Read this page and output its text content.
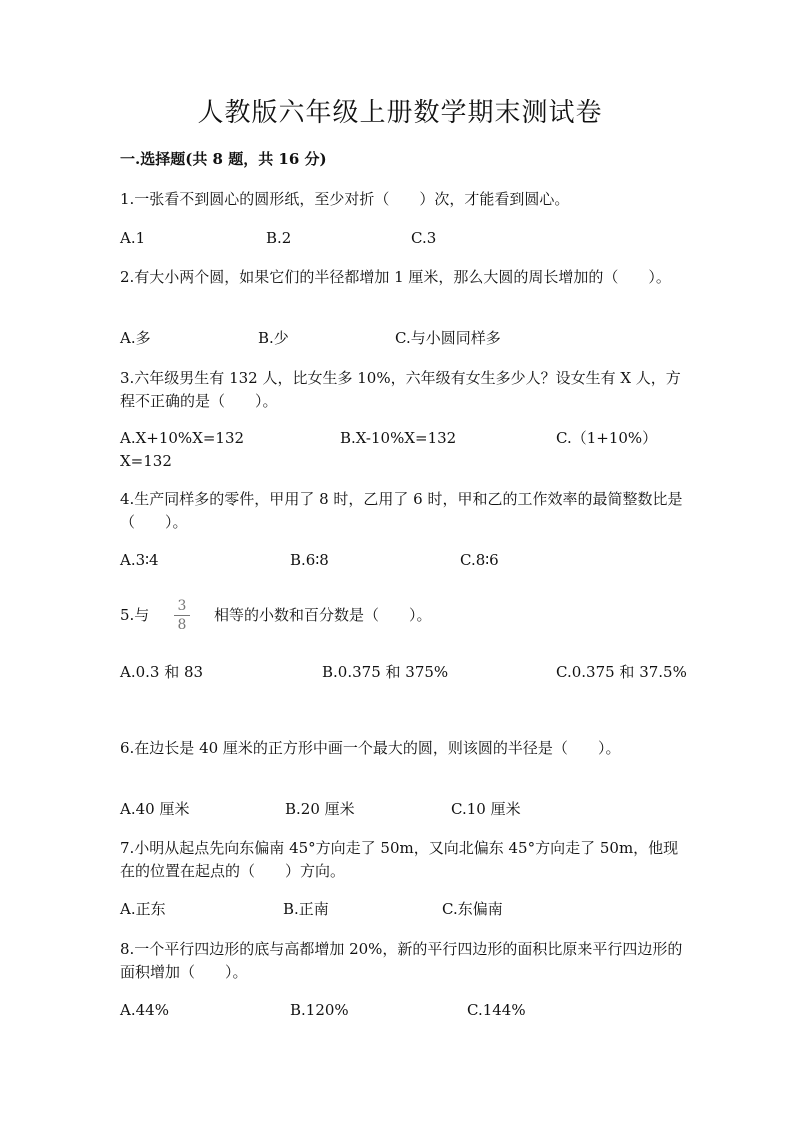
人教版六年级上册数学期末测试卷
一.选择题(共 8 题，共 16 分)
1.一张看不到圆心的圆形纸，至少对折（　　）次，才能看到圆心。
A.1	B.2	C.3
2.有大小两个圆，如果它们的半径都增加 1 厘米，那么大圆的周长增加的（　　）。
A.多	B.少	C.与小圆同样多
3.六年级男生有 132 人，比女生多 10%，六年级有女生多少人？设女生有 X 人，方程不正确的是（　　）。
A.X+10%X=132	B.X-10%X=132	C.（1+10%）
X=132
4.生产同样多的零件，甲用了 8 时，乙用了 6 时，甲和乙的工作效率的最简整数比是（　　）。
A.3∶4	B.6∶8	C.8∶6
5.与 3
8
相等的小数和百分数是（　　）。
A.0.3 和 83	B.0.375 和 375%	C.0.375 和 37.5%
6.在边长是 40 厘米的正方形中画一个最大的圆，则该圆的半径是（　　）。
A.40 厘米	B.20 厘米	C.10 厘米
7.小明从起点先向东偏南 45°方向走了 50m，又向北偏东 45°方向走了 50m，他现在的位置在起点的（　　）方向。
A.正东	B.正南	C.东偏南
8.一个平行四边形的底与高都增加 20%，新的平行四边形的面积比原来平行四边形的面积增加（　　）。
A.44%	B.120%	C.144%
